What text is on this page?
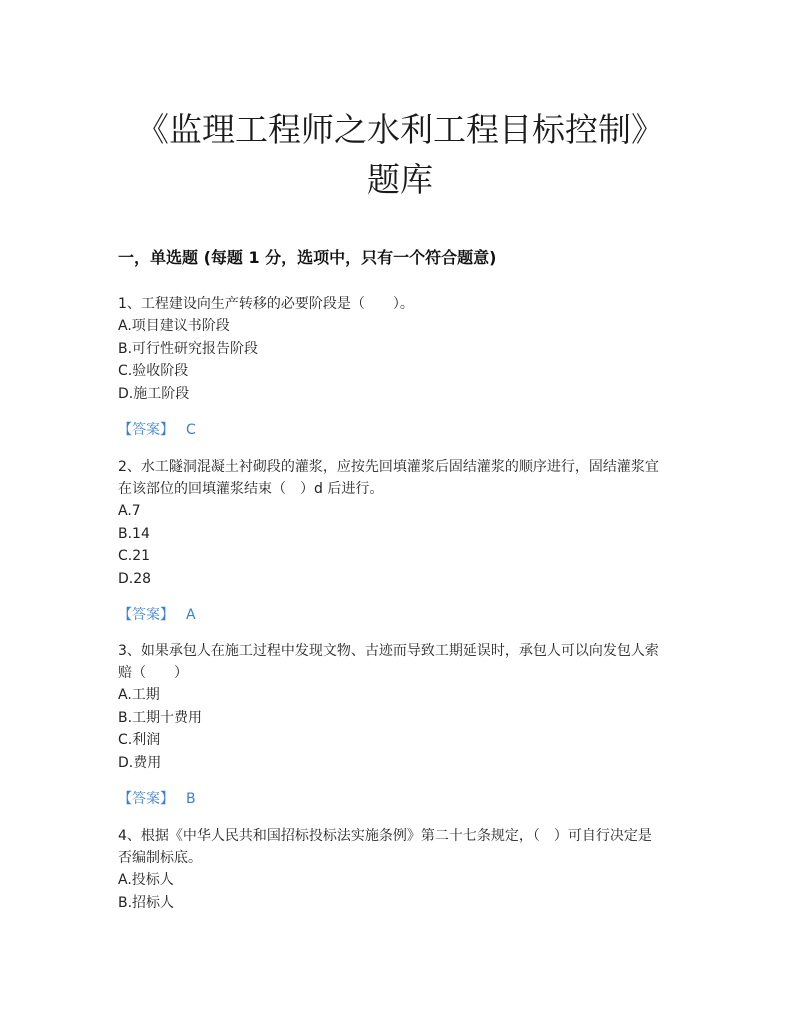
《监理工程师之水利工程目标控制》
题库
一，单选题 (每题 1 分，选项中，只有一个符合题意)
1、工程建设向生产转移的必要阶段是（　　）。
A.项目建议书阶段
B.可行性研究报告阶段
C.验收阶段
D.施工阶段
【答案】 C
2、水工隧洞混凝土衬砌段的灌浆，应按先回填灌浆后固结灌浆的顺序进行，固结灌浆宜
在该部位的回填灌浆结束（　）d 后进行。
A.7
B.14
C.21
D.28
【答案】 A
3、如果承包人在施工过程中发现文物、古迹而导致工期延误时，承包人可以向发包人索
赔（　　）
A.工期
B.工期十费用
C.利润
D.费用
【答案】 B
4、根据《中华人民共和国招标投标法实施条例》第二十七条规定，（　）可自行决定是
否编制标底。
A.投标人
B.招标人
